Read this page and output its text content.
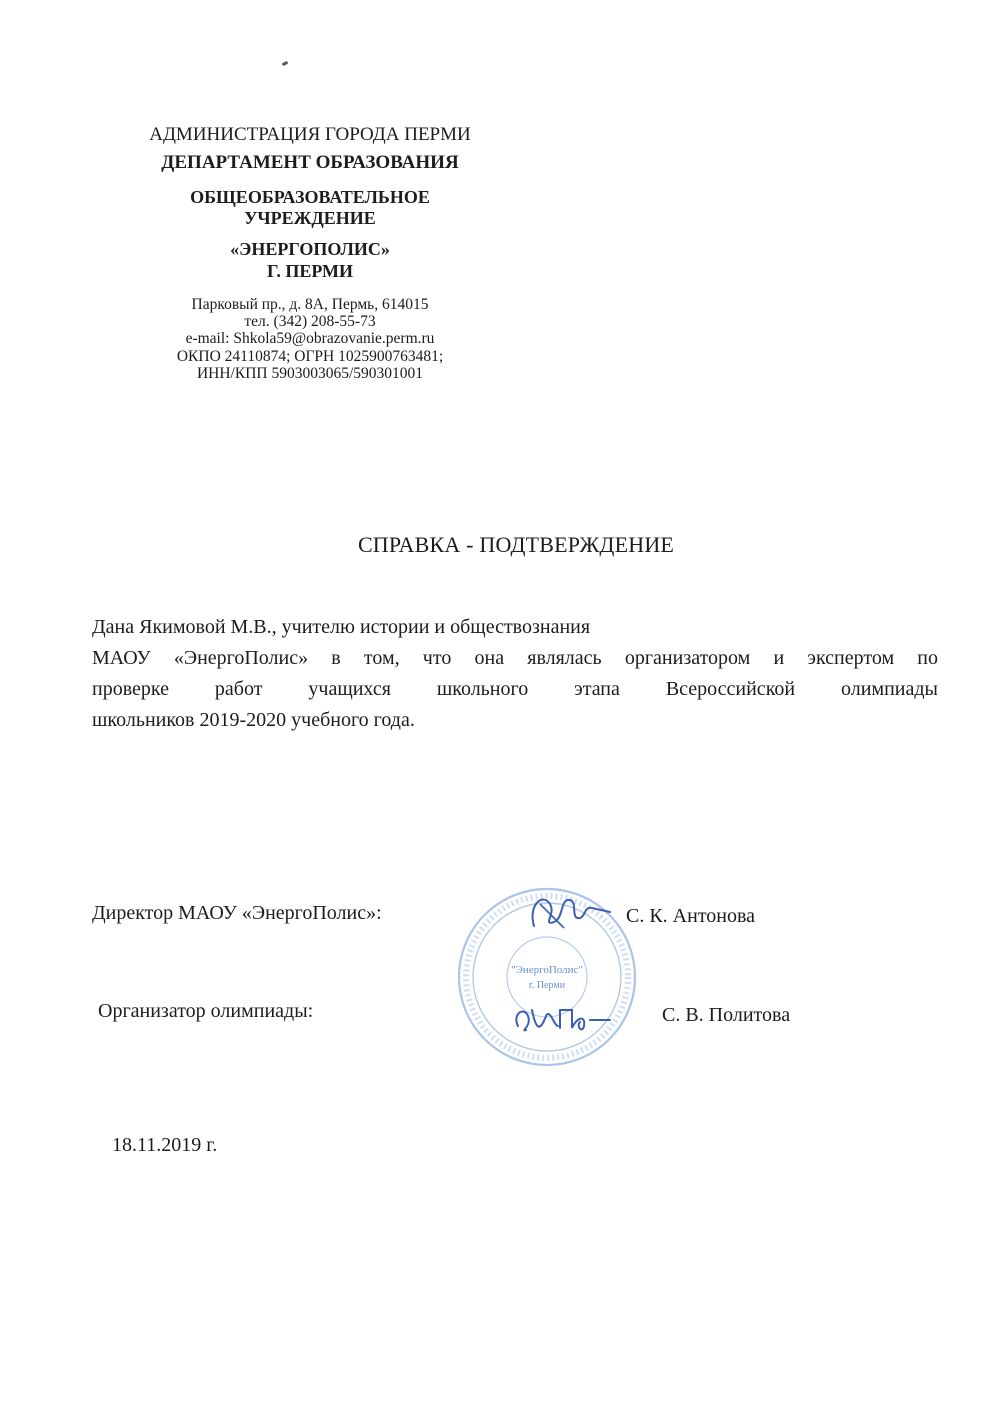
АДМИНИСТРАЦИЯ ГОРОДА ПЕРМИ
ДЕПАРТАМЕНТ ОБРАЗОВАНИЯ
ОБЩЕОБРАЗОВАТЕЛЬНОЕ
УЧРЕЖДЕНИЕ
«ЭНЕРГОПОЛИС»
Г. ПЕРМИ
Парковый пр., д. 8А, Пермь, 614015
тел. (342) 208-55-73
e-mail: Shkola59@obrazovanie.perm.ru
ОКПО 24110874; ОГРН 1025900763481;
ИНН/КПП 5903003065/590301001
СПРАВКА - ПОДТВЕРЖДЕНИЕ

Дана Якимовой М.В., учителю истории и обществознания

МАОУ «ЭнергоПолис» в том, что она являлась организатором и экспертом по

проверке работ учащихся школьного этапа Всероссийской олимпиады

школьников 2019-2020 учебного года.

"ЭнергоПолис"
г. Перми
Директор МАОУ «ЭнергоПолис»:	С. К. Антонова
Организатор олимпиады:	С. В. Политова
18.11.2019 г.
